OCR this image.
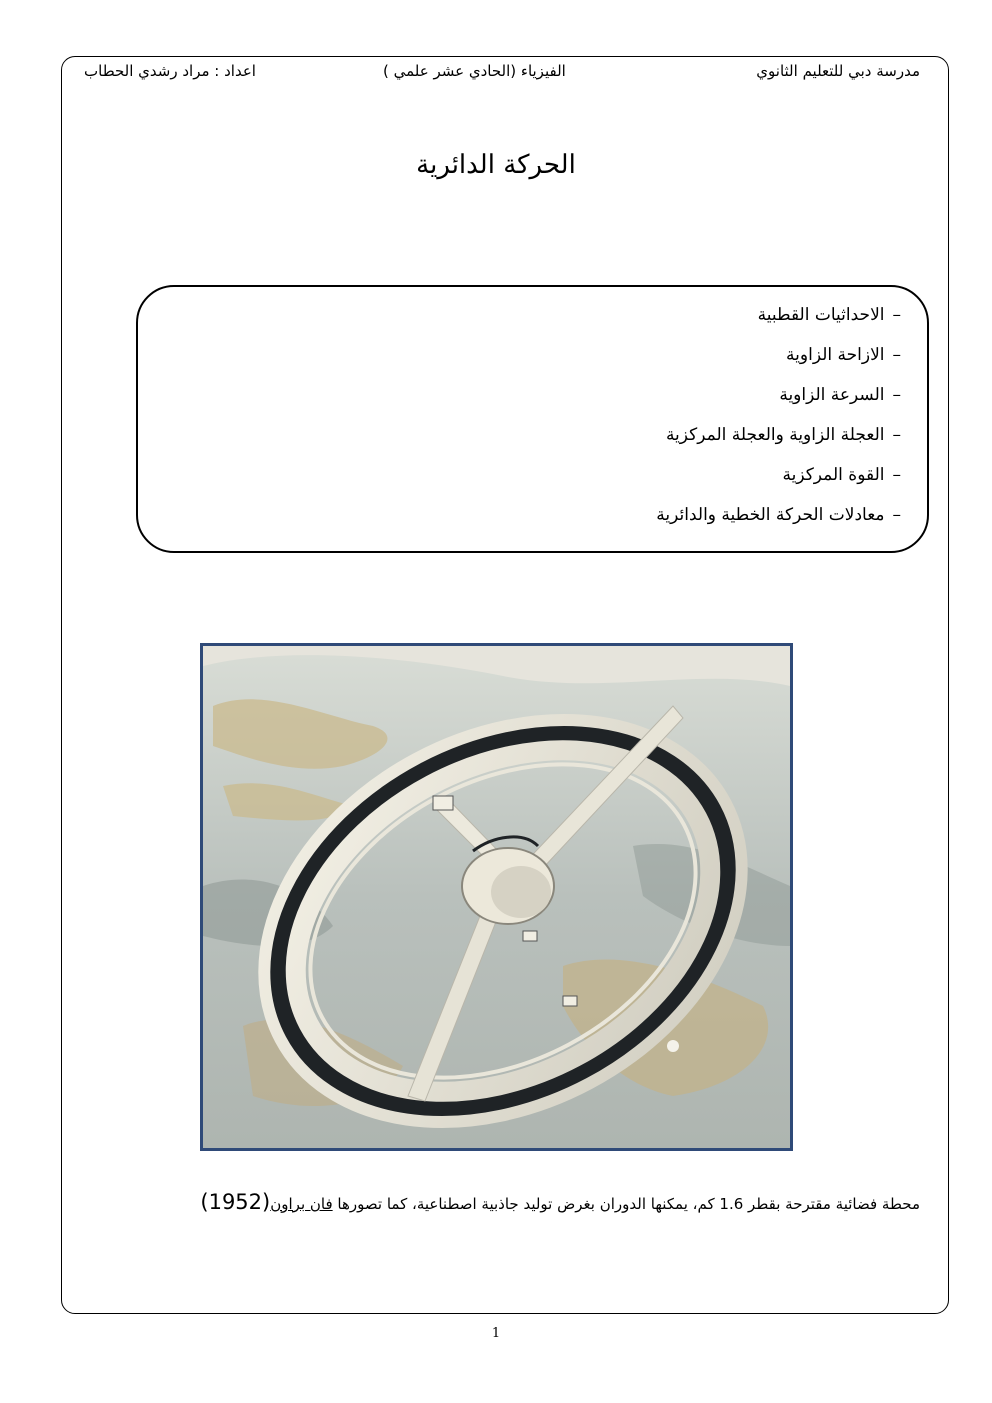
مدرسة دبي للتعليم الثانوي
الفيزياء (الحادي عشر علمي )
اعداد : مراد رشدي الحطاب
الحركة الدائرية
–الاحداثيات القطبية
–الازاحة الزاوية
–السرعة الزاوية
–العجلة الزاوية والعجلة المركزية
–القوة المركزية
–معادلات الحركة الخطية والدائرية
محطة فضائية مقترحة بقطر 1.6 كم، يمكنها الدوران بغرض توليد جاذبية اصطناعية، كما تصورها فان براون(1952)
1
